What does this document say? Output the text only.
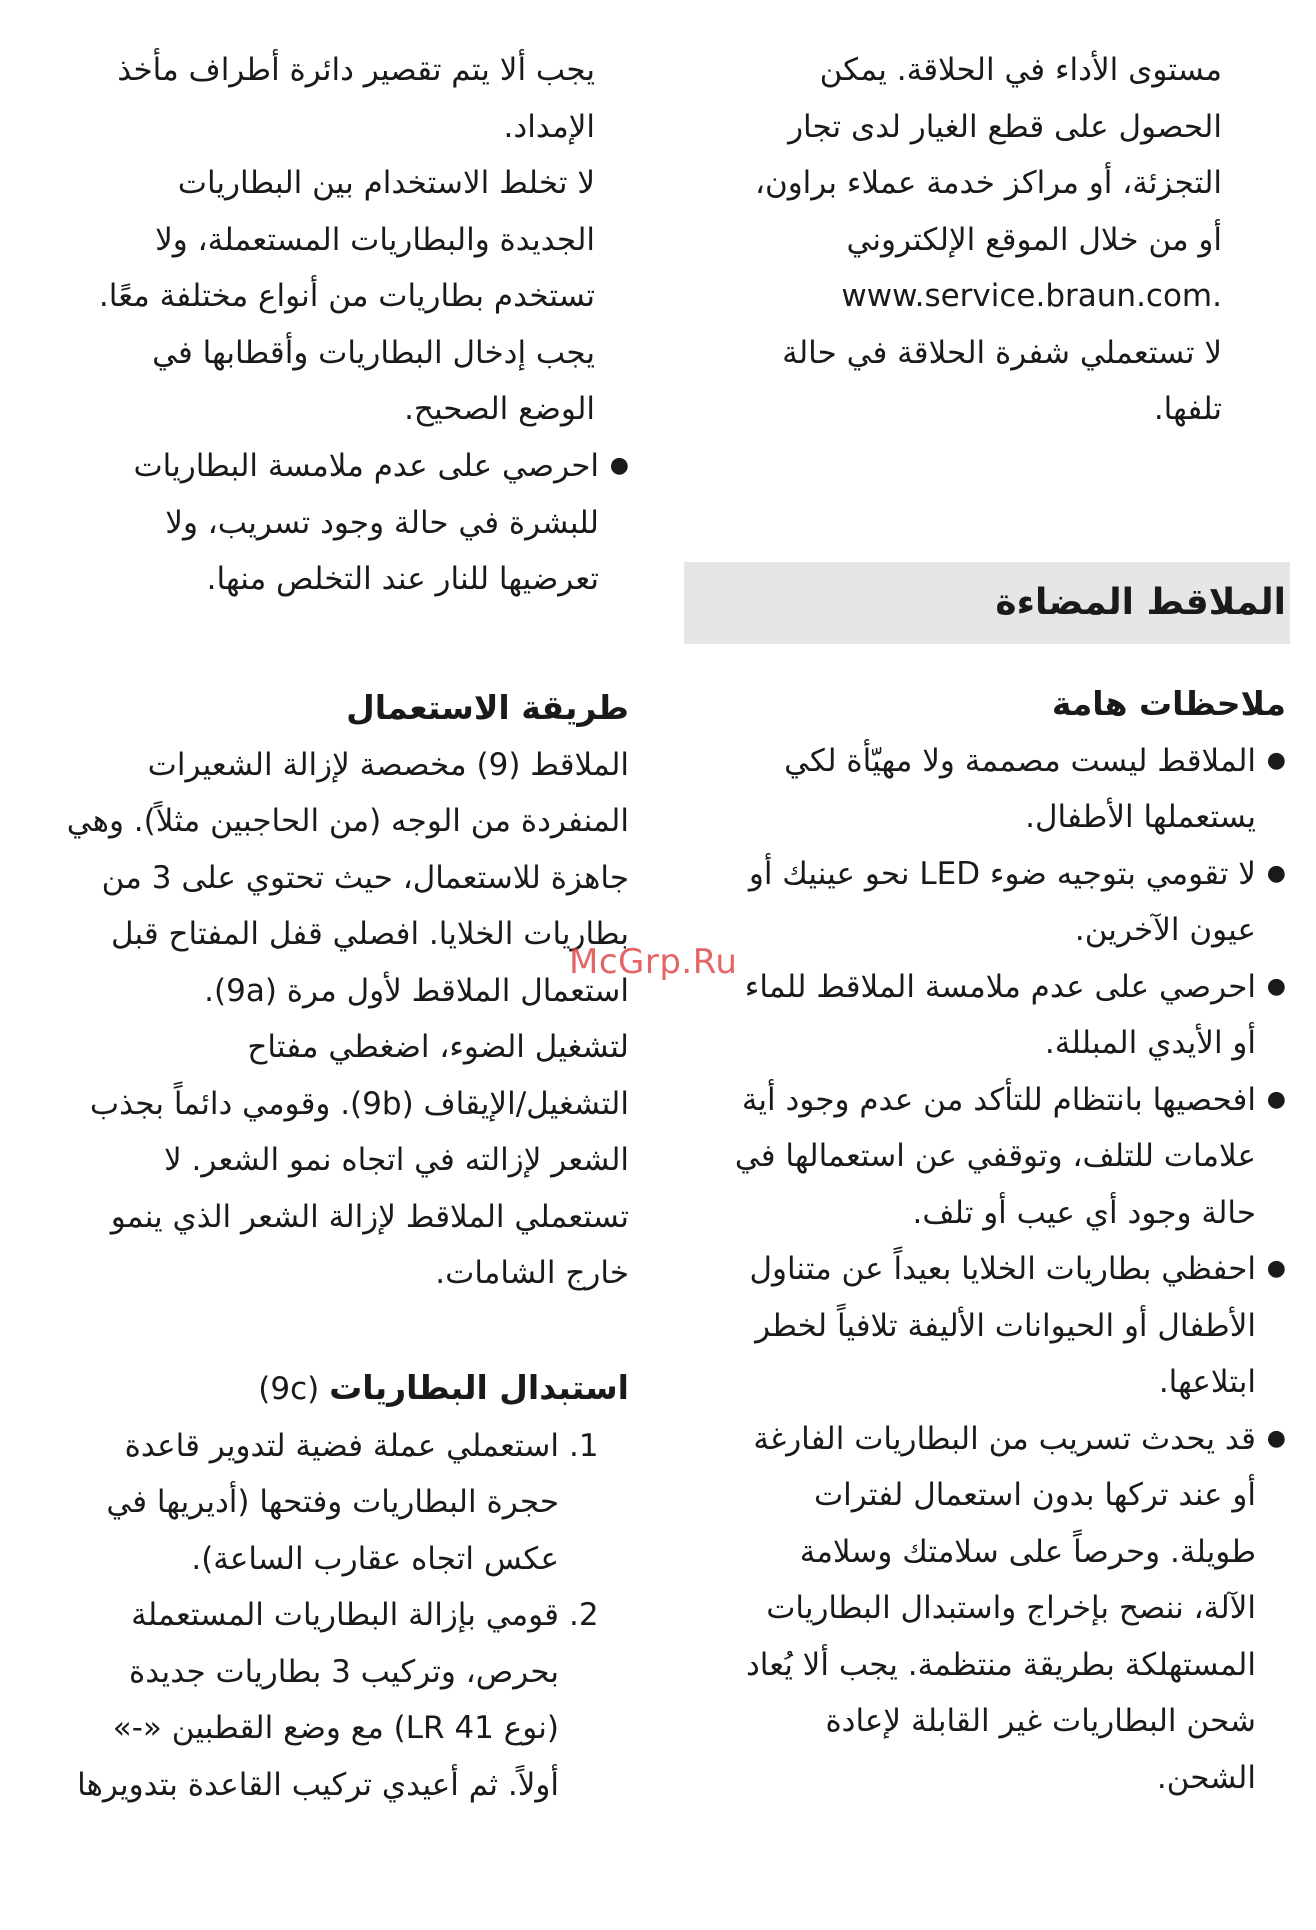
مستوى الأداء في الحلاقة. يمكن

الحصول على قطع الغيار لدى تجار

التجزئة، أو مراكز خدمة عملاء براون،

أو من خلال الموقع الإلكتروني

.www.service.braun.com

لا تستعملي شفرة الحلاقة في حالة

تلفها.

الملاقط المضاءة

ملاحظات هامة

●

الملاقط ليست مصممة ولا مهيّأة لكي

يستعملها الأطفال.

●

لا تقومي بتوجيه ضوء LED نحو عينيك أو

عيون الآخرين.

●

احرصي على عدم ملامسة الملاقط للماء

أو الأيدي المبللة.

●

افحصيها بانتظام للتأكد من عدم وجود أية

علامات للتلف، وتوقفي عن استعمالها في

حالة وجود أي عيب أو تلف.

●

احفظي بطاريات الخلايا بعيداً عن متناول

الأطفال أو الحيوانات الأليفة تلافياً لخطر

ابتلاعها.

●

قد يحدث تسريب من البطاريات الفارغة

أو عند تركها بدون استعمال لفترات

طويلة. وحرصاً على سلامتك وسلامة

الآلة، ننصح بإخراج واستبدال البطاريات

المستهلكة بطريقة منتظمة. يجب ألا يُعاد

شحن البطاريات غير القابلة لإعادة

الشحن.

يجب ألا يتم تقصير دائرة أطراف مأخذ

الإمداد.

لا تخلط الاستخدام بين البطاريات

الجديدة والبطاريات المستعملة، ولا

تستخدم بطاريات من أنواع مختلفة معًا.

يجب إدخال البطاريات وأقطابها في

الوضع الصحيح.

●

احرصي على عدم ملامسة البطاريات

للبشرة في حالة وجود تسريب، ولا

تعرضيها للنار عند التخلص منها.

طريقة الاستعمال

الملاقط (9) مخصصة لإزالة الشعيرات

المنفردة من الوجه (من الحاجبين مثلاً). وهي

جاهزة للاستعمال، حيث تحتوي على 3 من

بطاريات الخلايا. افصلي قفل المفتاح قبل

استعمال الملاقط لأول مرة (9a).

لتشغيل الضوء، اضغطي مفتاح

التشغيل/الإيقاف (9b). وقومي دائماً بجذب

الشعر لإزالته في اتجاه نمو الشعر. لا

تستعملي الملاقط لإزالة الشعر الذي ينمو

خارج الشامات.

استبدال البطاريات (9c)

.1

استعملي عملة فضية لتدوير قاعدة

حجرة البطاريات وفتحها (أديريها في

عكس اتجاه عقارب الساعة).

.2

قومي بإزالة البطاريات المستعملة

بحرص، وتركيب 3 بطاريات جديدة

(نوع LR 41) مع وضع القطبين «-»

أولاً. ثم أعيدي تركيب القاعدة بتدويرها

McGrp.Ru
